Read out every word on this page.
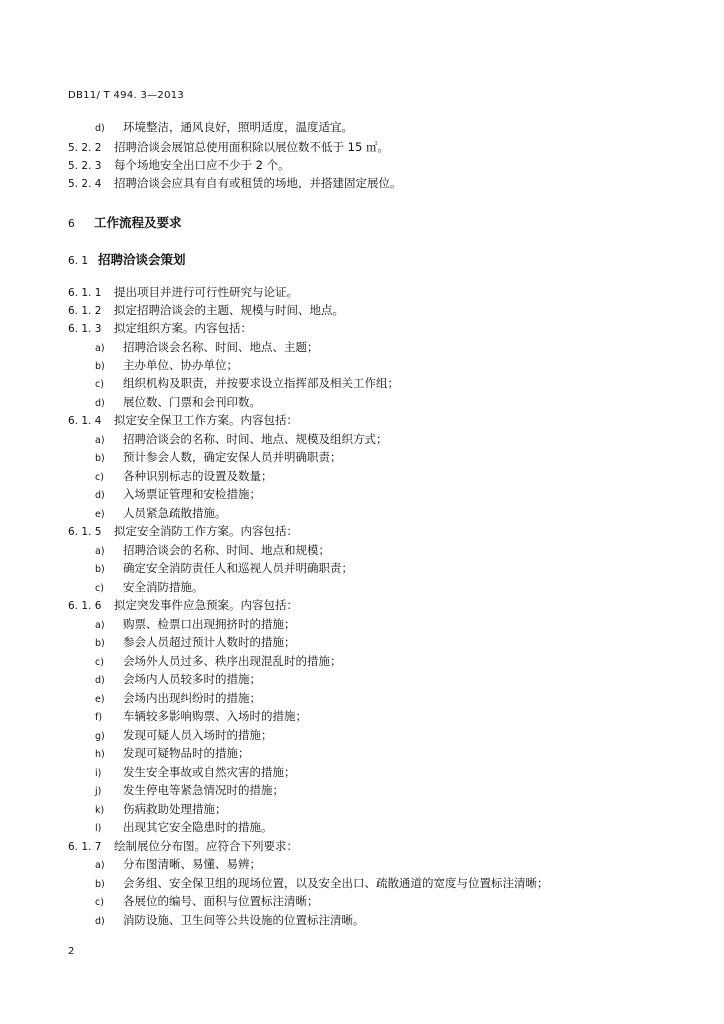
DB11/ T 494. 3—2013
d) 环境整洁，通风良好，照明适度，温度适宜。
5. 2. 2 招聘洽谈会展馆总使用面积除以展位数不低于 15 ㎡。
5. 2. 3 每个场地安全出口应不少于 2 个。
5. 2. 4 招聘洽谈会应具有自有或租赁的场地，并搭建固定展位。
6 工作流程及要求
6. 1 招聘洽谈会策划
6. 1. 1 提出项目并进行可行性研究与论证。
6. 1. 2 拟定招聘洽谈会的主题、规模与时间、地点。
6. 1. 3 拟定组织方案。内容包括：
a) 招聘洽谈会名称、时间、地点、主题；
b) 主办单位、协办单位；
c) 组织机构及职责，并按要求设立指挥部及相关工作组；
d) 展位数、门票和会刊印数。
6. 1. 4 拟定安全保卫工作方案。内容包括：
a) 招聘洽谈会的名称、时间、地点、规模及组织方式；
b) 预计参会人数，确定安保人员并明确职责；
c) 各种识别标志的设置及数量；
d) 入场票证管理和安检措施；
e) 人员紧急疏散措施。
6. 1. 5 拟定安全消防工作方案。内容包括：
a) 招聘洽谈会的名称、时间、地点和规模；
b) 确定安全消防责任人和巡视人员并明确职责；
c) 安全消防措施。
6. 1. 6 拟定突发事件应急预案。内容包括：
a) 购票、检票口出现拥挤时的措施；
b) 参会人员超过预计人数时的措施；
c) 会场外人员过多、秩序出现混乱时的措施；
d) 会场内人员较多时的措施；
e) 会场内出现纠纷时的措施；
f) 车辆较多影响购票、入场时的措施；
g) 发现可疑人员入场时的措施；
h) 发现可疑物品时的措施；
i) 发生安全事故或自然灾害的措施；
j) 发生停电等紧急情况时的措施；
k) 伤病救助处理措施；
l) 出现其它安全隐患时的措施。
6. 1. 7 绘制展位分布图。应符合下列要求：
a) 分布图清晰、易懂、易辨；
b) 会务组、安全保卫组的现场位置，以及安全出口、疏散通道的宽度与位置标注清晰；
c) 各展位的编号、面积与位置标注清晰；
d) 消防设施、卫生间等公共设施的位置标注清晰。
2
